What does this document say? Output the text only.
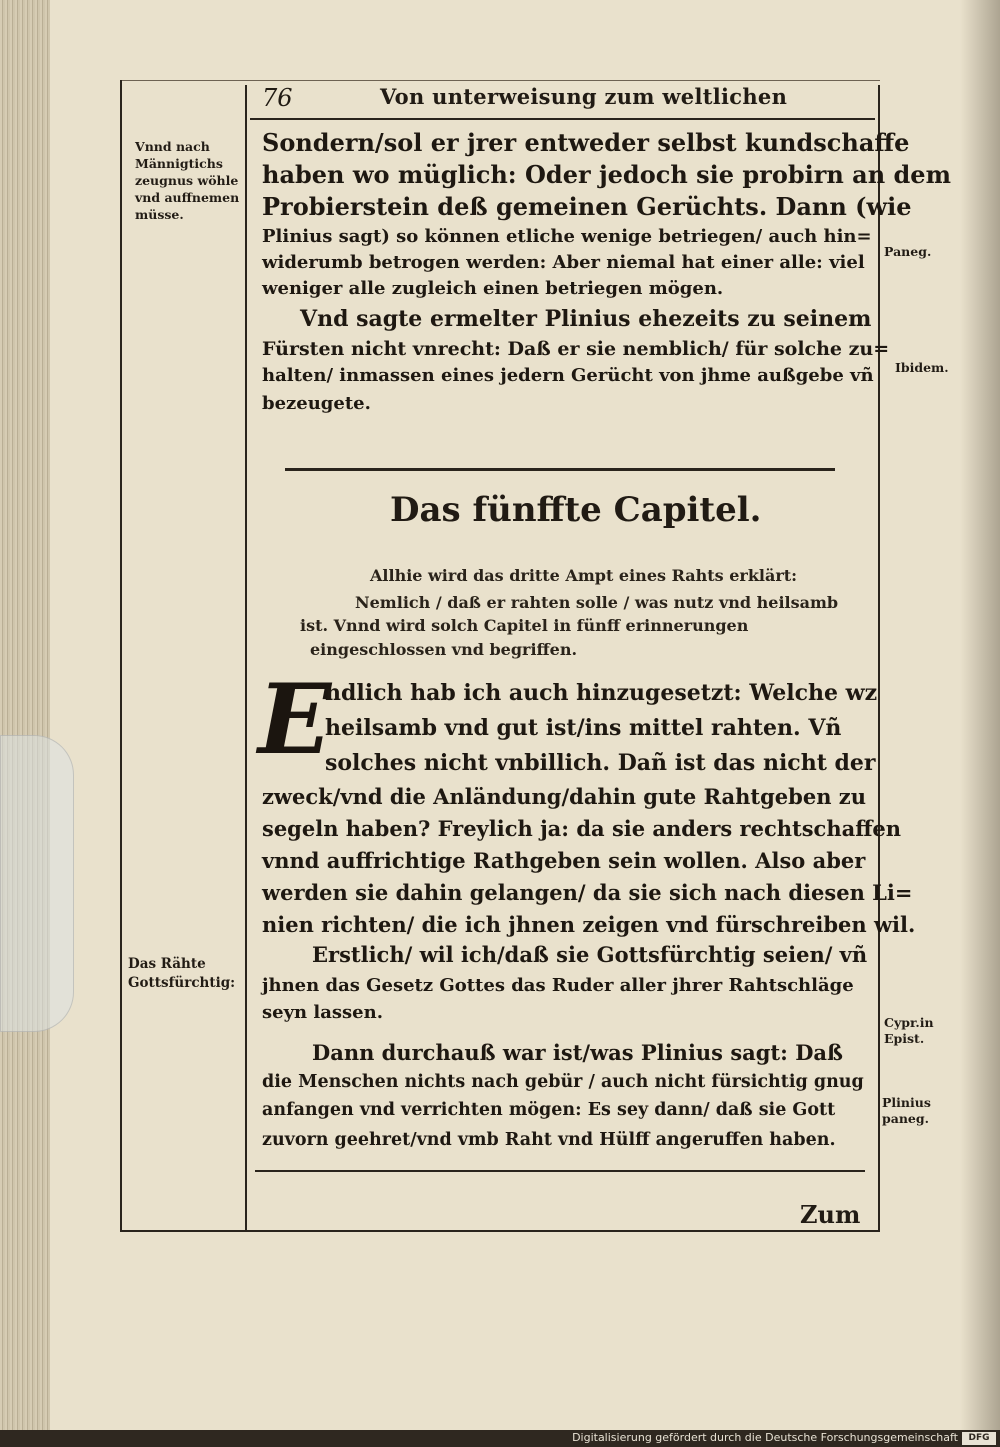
76	Von unterweisung zum weltlichen
Sondern/sol er jrer entweder selbst kundschaffe
haben wo müglich: Oder jedoch sie probirn an dem
Probierstein deß gemeinen Gerüchts. Dann (wie
Plinius sagt) so können etliche wenige betriegen/ auch hin=
widerumb betrogen werden: Aber niemal hat einer alle: viel
weniger alle zugleich einen betriegen mögen.
Vnd sagte ermelter Plinius ehezeits zu seinem
Fürsten nicht vnrecht: Daß er sie nemblich/ für solche zu=
halten/ inmassen eines jedern Gerücht von jhme außgebe vñ
bezeugete.
Das fünffte Capitel.
Allhie wird das dritte Ampt eines Rahts erklärt:
Nemlich / daß er rahten solle / was nutz vnd heilsamb
ist. Vnnd wird solch Capitel in fünff erinnerungen
eingeschlossen vnd begriffen.
E
ndlich hab ich auch hinzugesetzt: Welche wz
heilsamb vnd gut ist/ins mittel rahten. Vñ
solches nicht vnbillich. Dañ ist das nicht der
zweck/vnd die Anländung/dahin gute Rahtgeben zu
segeln haben? Freylich ja: da sie anders rechtschaffen
vnnd auffrichtige Rathgeben sein wollen. Also aber
werden sie dahin gelangen/ da sie sich nach diesen Li=
nien richten/ die ich jhnen zeigen vnd fürschreiben wil.
Erstlich/ wil ich/daß sie Gottsfürchtig seien/ vñ
jhnen das Gesetz Gottes das Ruder aller jhrer Rahtschläge
seyn lassen.
Dann durchauß war ist/was Plinius sagt: Daß
die Menschen nichts nach gebür / auch nicht fürsichtig gnug
anfangen vnd verrichten mögen: Es sey dann/ daß sie Gott
zuvorn geehret/vnd vmb Raht vnd Hülff angeruffen haben.
Vnnd nach
Männigtichs
zeugnus wöhle
vnd auffnemen
müsse.
Das Rähte
Gottsfürchtig:
Paneg.
Ibidem.
Cypr.in
Epist.
Plinius
paneg.
Zum
Digitalisierung gefördert durch die Deutsche Forschungsgemeinschaft	DFG
